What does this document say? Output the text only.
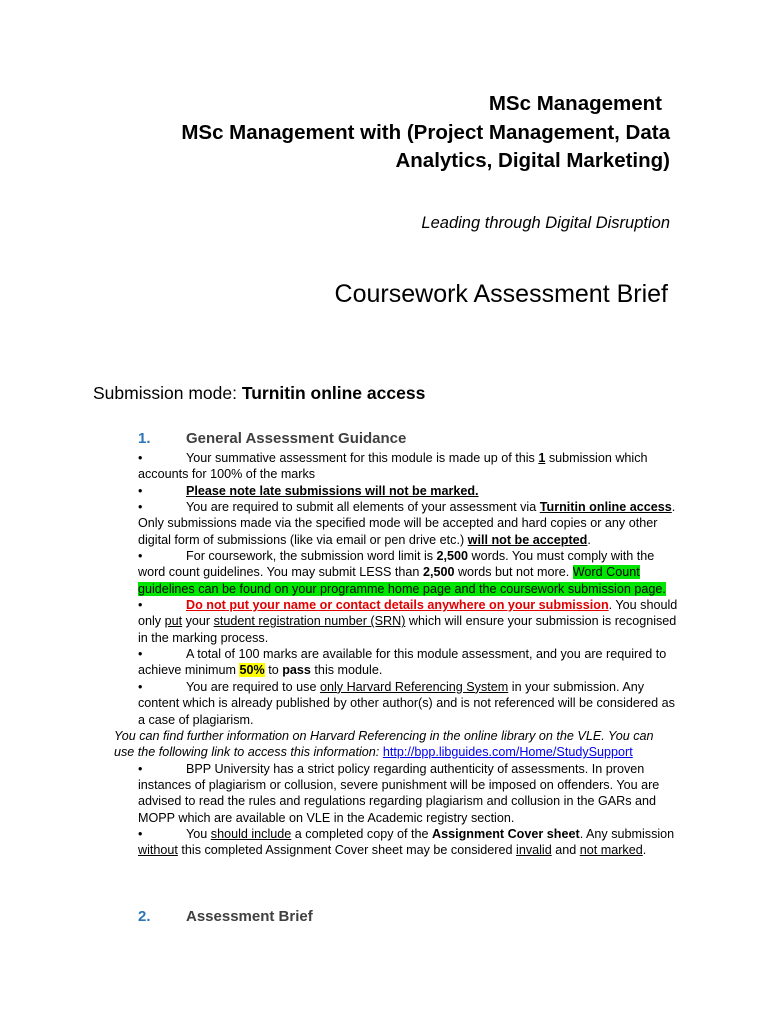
MSc Management
MSc Management with (Project Management, Data Analytics, Digital Marketing)
Leading through Digital Disruption
Coursework Assessment Brief
Submission mode: Turnitin online access
1. General Assessment Guidance
•	Your summative assessment for this module is made up of this 1 submission which accounts for 100% of the marks
•	Please note late submissions will not be marked.
•	You are required to submit all elements of your assessment via Turnitin online access. Only submissions made via the specified mode will be accepted and hard copies or any other digital form of submissions (like via email or pen drive etc.) will not be accepted.
•	For coursework, the submission word limit is 2,500 words. You must comply with the word count guidelines. You may submit LESS than 2,500 words but not more. Word Count guidelines can be found on your programme home page and the coursework submission page.
•	Do not put your name or contact details anywhere on your submission. You should only put your student registration number (SRN) which will ensure your submission is recognised in the marking process.
•	A total of 100 marks are available for this module assessment, and you are required to achieve minimum 50% to pass this module.
•	You are required to use only Harvard Referencing System in your submission. Any content which is already published by other author(s) and is not referenced will be considered as a case of plagiarism.
You can find further information on Harvard Referencing in the online library on the VLE. You can use the following link to access this information: http://bpp.libguides.com/Home/StudySupport
•	BPP University has a strict policy regarding authenticity of assessments. In proven instances of plagiarism or collusion, severe punishment will be imposed on offenders. You are advised to read the rules and regulations regarding plagiarism and collusion in the GARs and MOPP which are available on VLE in the Academic registry section.
•	You should include a completed copy of the Assignment Cover sheet. Any submission without this completed Assignment Cover sheet may be considered invalid and not marked.
2. Assessment Brief
